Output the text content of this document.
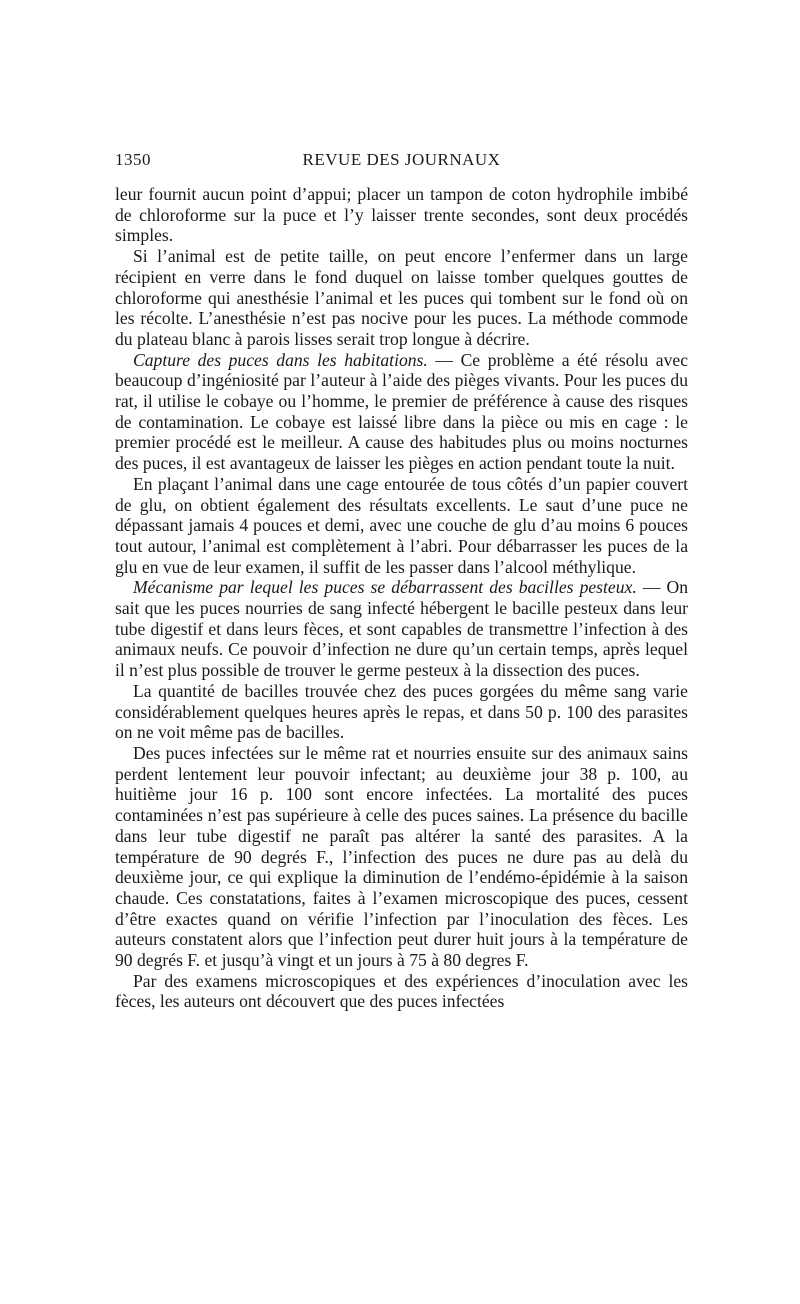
1350	REVUE DES JOURNAUX

leur fournit aucun point d’appui; placer un tampon de coton hydrophile imbibé de chloroforme sur la puce et l’y laisser trente secondes, sont deux procédés simples.

Si l’animal est de petite taille, on peut encore l’enfermer dans un large récipient en verre dans le fond duquel on laisse tomber quelques gouttes de chloroforme qui anesthésie l’animal et les puces qui tombent sur le fond où on les récolte. L’anesthésie n’est pas nocive pour les puces. La méthode commode du plateau blanc à parois lisses serait trop longue à décrire.

Capture des puces dans les habitations. — Ce problème a été résolu avec beaucoup d’ingéniosité par l’auteur à l’aide des pièges vivants. Pour les puces du rat, il utilise le cobaye ou l’homme, le premier de préférence à cause des risques de contamination. Le cobaye est laissé libre dans la pièce ou mis en cage : le premier procédé est le meilleur. A cause des habitudes plus ou moins nocturnes des puces, il est avantageux de laisser les pièges en action pendant toute la nuit.

En plaçant l’animal dans une cage entourée de tous côtés d’un papier couvert de glu, on obtient également des résultats excellents. Le saut d’une puce ne dépassant jamais 4 pouces et demi, avec une couche de glu d’au moins 6 pouces tout autour, l’animal est complètement à l’abri. Pour débarrasser les puces de la glu en vue de leur examen, il suffit de les passer dans l’alcool méthylique.

Mécanisme par lequel les puces se débarrassent des bacilles pesteux. — On sait que les puces nourries de sang infecté hébergent le bacille pesteux dans leur tube digestif et dans leurs fèces, et sont capables de transmettre l’infection à des animaux neufs. Ce pouvoir d’infection ne dure qu’un certain temps, après lequel il n’est plus possible de trouver le germe pesteux à la dissection des puces.

La quantité de bacilles trouvée chez des puces gorgées du même sang varie considérablement quelques heures après le repas, et dans 50 p. 100 des parasites on ne voit même pas de bacilles.

Des puces infectées sur le même rat et nourries ensuite sur des animaux sains perdent lentement leur pouvoir infectant; au deuxième jour 38 p. 100, au huitième jour 16 p. 100 sont encore infectées. La mortalité des puces contaminées n’est pas supérieure à celle des puces saines. La présence du bacille dans leur tube digestif ne paraît pas altérer la santé des parasites. A la température de 90 degrés F., l’infection des puces ne dure pas au delà du deuxième jour, ce qui explique la diminution de l’endémo-épidémie à la saison chaude. Ces constatations, faites à l’examen microscopique des puces, cessent d’être exactes quand on vérifie l’infection par l’inoculation des fèces. Les auteurs constatent alors que l’infection peut durer huit jours à la température de 90 degrés F. et jusqu’à vingt et un jours à 75 à 80 degres F.

Par des examens microscopiques et des expériences d’inoculation avec les fèces, les auteurs ont découvert que des puces infectées
